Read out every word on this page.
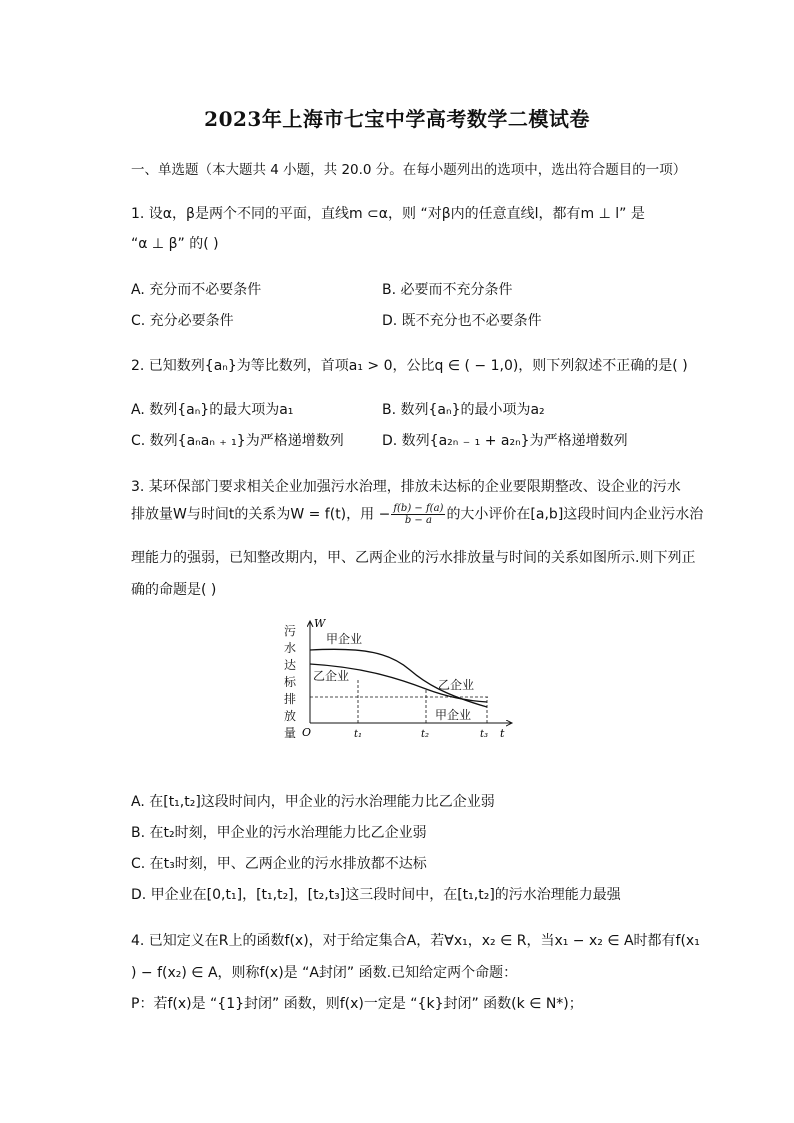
2023年上海市七宝中学高考数学二模试卷
一、单选题（本大题共 4 小题，共 20.0 分。在每小题列出的选项中，选出符合题目的一项）
1. 设α，β是两个不同的平面，直线m ⊂α，则 “对β内的任意直线l，都有m ⊥ l” 是
“α ⊥ β” 的( )
A. 充分而不必要条件	B. 必要而不充分条件
C. 充分必要条件	D. 既不充分也不必要条件
2. 已知数列{aₙ}为等比数列，首项a₁ > 0，公比q ∈ ( − 1,0)，则下列叙述不正确的是( )
A. 数列{aₙ}的最大项为a₁	B. 数列{aₙ}的最小项为a₂
C. 数列{aₙaₙ ₊ ₁}为严格递增数列	D. 数列{a₂ₙ ₋ ₁ + a₂ₙ}为严格递增数列
3. 某环保部门要求相关企业加强污水治理，排放未达标的企业要限期整改、设企业的污水
排放量W与时间t的关系为W = f(t)，用 − $\frac{f(b) - f(a)}{b - a}$ 的大小评价在[a,b]这段时间内企业污水治
理能力的强弱，已知整改期内，甲、乙两企业的污水排放量与时间的关系如图所示.则下列正
确的命题是( )
污
水
达
标
排
放
量
W
t
O	t₁	t₂	t₃
甲企业
乙企业
乙企业
甲企业
A. 在[t₁,t₂]这段时间内，甲企业的污水治理能力比乙企业弱
B. 在t₂时刻，甲企业的污水治理能力比乙企业弱
C. 在t₃时刻，甲、乙两企业的污水排放都不达标
D. 甲企业在[0,t₁]，[t₁,t₂]，[t₂,t₃]这三段时间中，在[t₁,t₂]的污水治理能力最强
4. 已知定义在R上的函数f(x)，对于给定集合A，若∀x₁，x₂ ∈ R，当x₁ − x₂ ∈ A时都有f(x₁
) − f(x₂) ∈ A，则称f(x)是 “A封闭” 函数.已知给定两个命题：
P：若f(x)是 “{1}封闭” 函数，则f(x)一定是 “{k}封闭” 函数(k ∈ N*)；
